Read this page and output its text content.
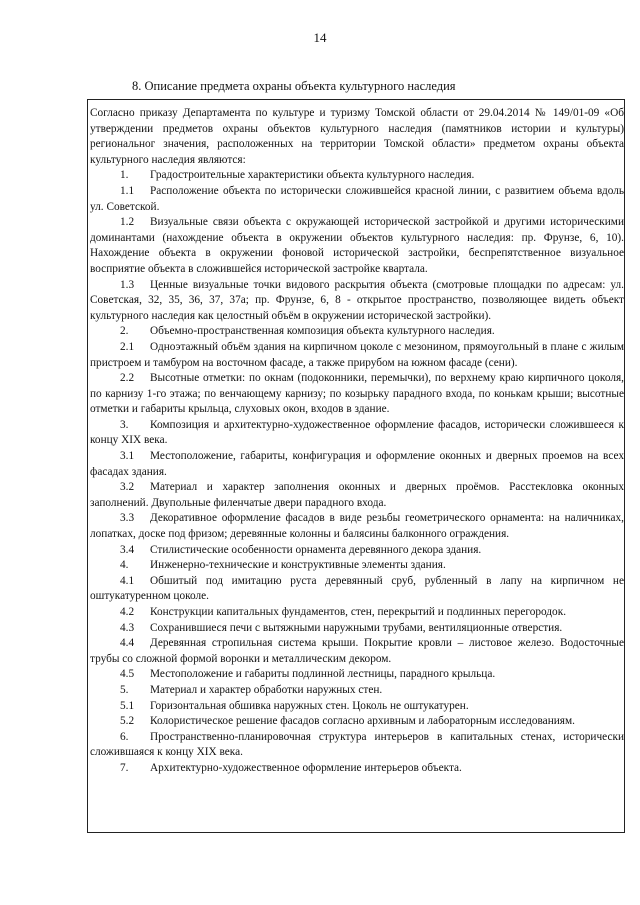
14
8. Описание предмета охраны объекта культурного наследия

Согласно приказу Департамента по культуре и туризму Томской области от 29.04.2014 № 149/01-09 «Об утверждении предметов охраны объектов культурного наследия (памятников истории и культуры) региональног значения, расположенных на территории Томской области» предметом охраны объекта культурного наследия являются:

1. Градостроительные характеристики объекта культурного наследия.

1.1 Расположение объекта по исторически сложившейся красной линии, с развитием объема вдоль ул. Советской.

1.2 Визуальные связи объекта с окружающей исторической застройкой и другими историческими доминантами (нахождение объекта в окружении объектов культурного наследия: пр. Фрунзе, 6, 10). Нахождение объекта в окружении фоновой исторической застройки, беспрепятственное визуальное восприятие объекта в сложившейся исторической застройке квартала.

1.3 Ценные визуальные точки видового раскрытия объекта (смотровые площадки по адресам: ул. Советская, 32, 35, 36, 37, 37а; пр. Фрунзе, 6, 8 - открытое пространство, позволяющее видеть объект культурного наследия как целостный объём в окружении исторической застройки).

2. Объемно-пространственная композиция объекта культурного наследия.

2.1 Одноэтажный объём здания на кирпичном цоколе с мезонином, прямоугольный в плане с жилым пристроем и тамбуром на восточном фасаде, а также прирубом на южном фасаде (сени).

2.2 Высотные отметки: по окнам (подоконники, перемычки), по верхнему краю кирпичного цоколя, по карнизу 1-го этажа; по венчающему карнизу; по козырьку парадного входа, по конькам крыши; высотные отметки и габариты крыльца, слуховых окон, входов в здание.

3. Композиция и архитектурно-художественное оформление фасадов, исторически сложившееся к концу XIX века.

3.1 Местоположение, габариты, конфигурация и оформление оконных и дверных проемов на всех фасадах здания.

3.2 Материал и характер заполнения оконных и дверных проёмов. Расстекловка оконных заполнений. Двупольные филенчатые двери парадного входа.

3.3 Декоративное оформление фасадов в виде резьбы геометрического орнамента: на наличниках, лопатках, доске под фризом; деревянные колонны и балясины балконного ограждения.

3.4 Стилистические особенности орнамента деревянного декора здания.

4. Инженерно-технические и конструктивные элементы здания.

4.1 Обшитый под имитацию руста деревянный сруб, рубленный в лапу на кирпичном не оштукатуренном цоколе.

4.2 Конструкции капитальных фундаментов, стен, перекрытий и подлинных перегородок.

4.3 Сохранившиеся печи с вытяжными наружными трубами, вентиляционные отверстия.

4.4 Деревянная стропильная система крыши. Покрытие кровли – листовое железо. Водосточные трубы со сложной формой воронки и металлическим декором.

4.5 Местоположение и габариты подлинной лестницы, парадного крыльца.

5. Материал и характер обработки наружных стен.

5.1 Горизонтальная обшивка наружных стен. Цоколь не оштукатурен.

5.2 Колористическое решение фасадов согласно архивным и лабораторным исследованиям.

6. Пространственно-планировочная структура интерьеров в капитальных стенах, исторически сложившаяся к концу XIX века.

7. Архитектурно-художественное оформление интерьеров объекта.
